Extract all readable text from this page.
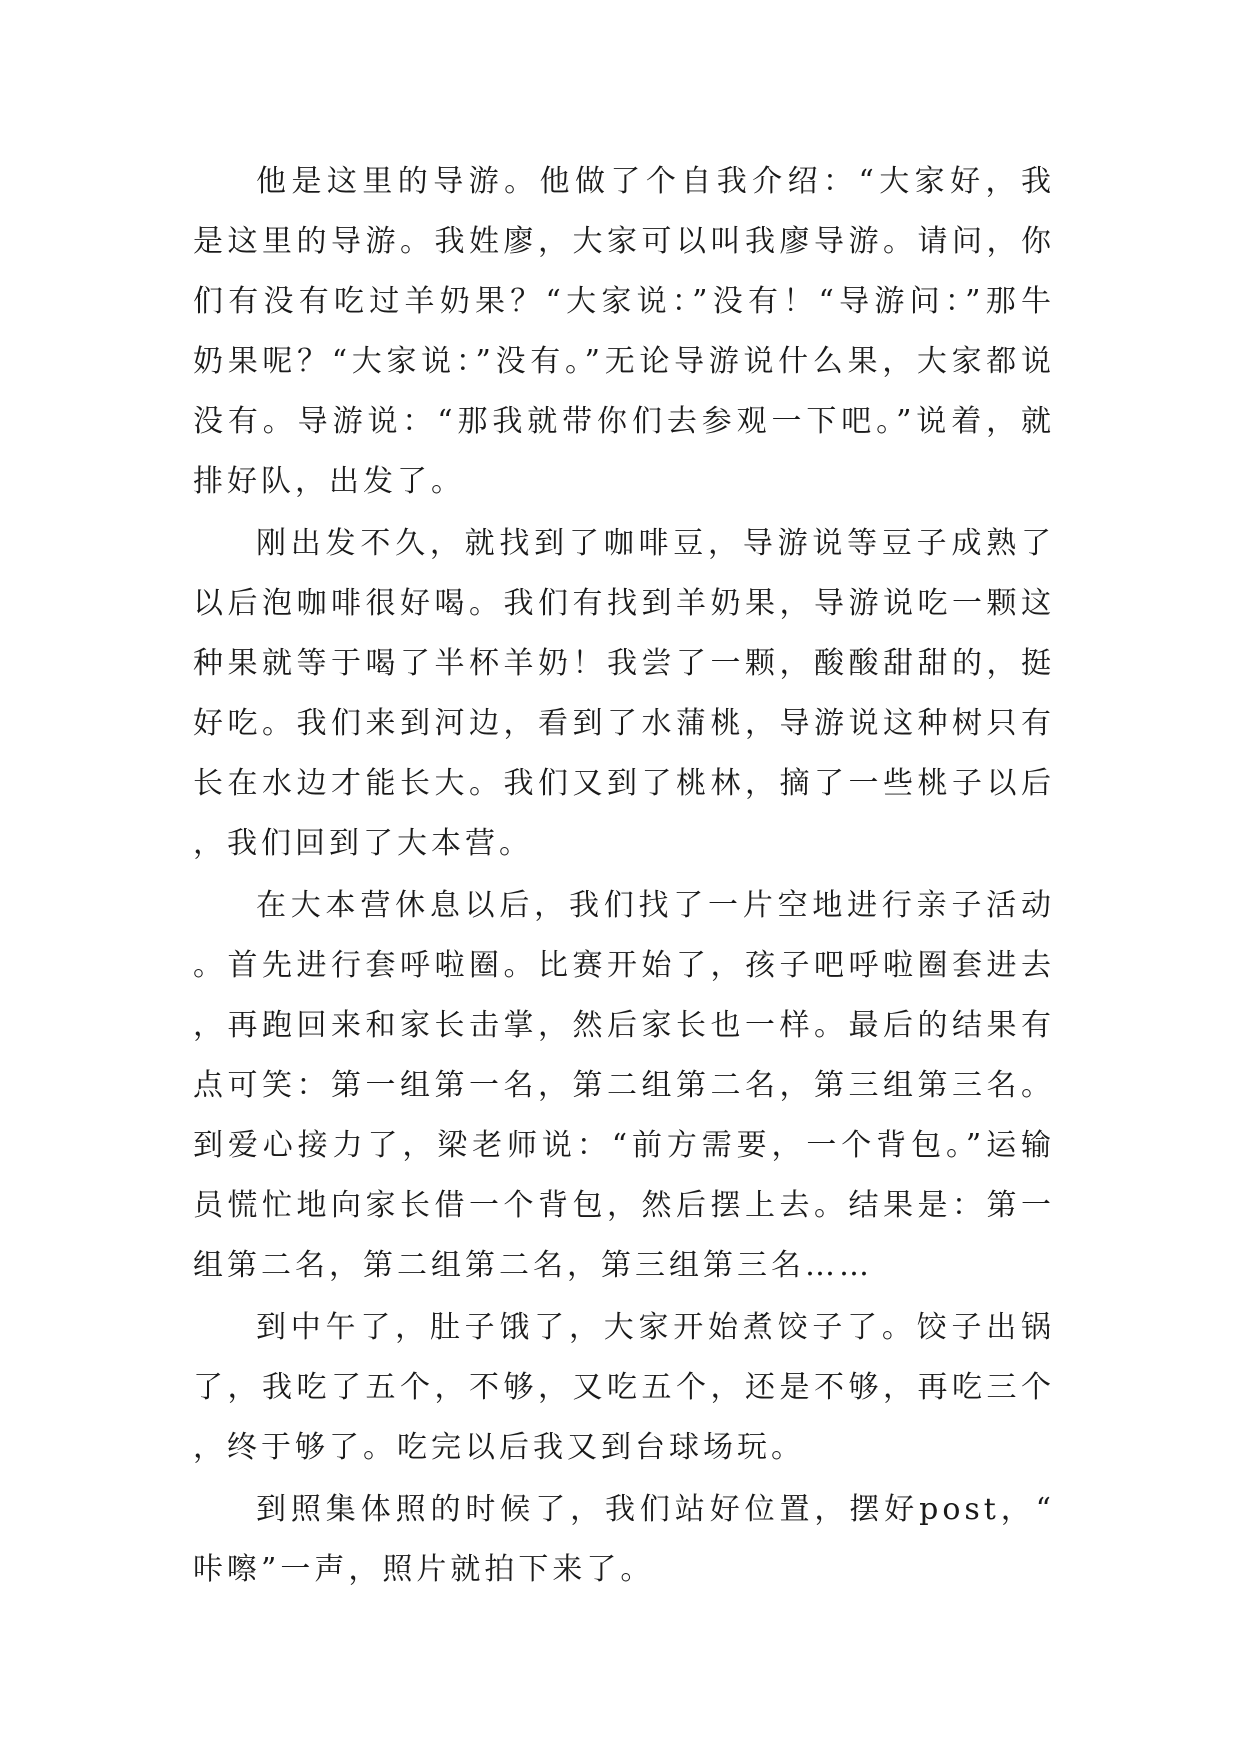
他是这里的导游。他做了个自我介绍：“大家好，我是这里的导游。我姓廖，大家可以叫我廖导游。请问，你们有没有吃过羊奶果？“大家说：”没有！“导游问：”那牛奶果呢？“大家说：”没有。”无论导游说什么果，大家都说没有。导游说：“那我就带你们去参观一下吧。”说着，就排好队，出发了。

刚出发不久，就找到了咖啡豆，导游说等豆子成熟了以后泡咖啡很好喝。我们有找到羊奶果，导游说吃一颗这种果就等于喝了半杯羊奶！我尝了一颗，酸酸甜甜的，挺好吃。我们来到河边，看到了水蒲桃，导游说这种树只有长在水边才能长大。我们又到了桃林，摘了一些桃子以后，我们回到了大本营。

在大本营休息以后，我们找了一片空地进行亲子活动。首先进行套呼啦圈。比赛开始了，孩子吧呼啦圈套进去，再跑回来和家长击掌，然后家长也一样。最后的结果有点可笑：第一组第一名，第二组第二名，第三组第三名。到爱心接力了，梁老师说：“前方需要，一个背包。”运输员慌忙地向家长借一个背包，然后摆上去。结果是：第一组第二名，第二组第二名，第三组第三名……

到中午了，肚子饿了，大家开始煮饺子了。饺子出锅了，我吃了五个，不够，又吃五个，还是不够，再吃三个，终于够了。吃完以后我又到台球场玩。

到照集体照的时候了，我们站好位置，摆好post，“咔嚓”一声，照片就拍下来了。
